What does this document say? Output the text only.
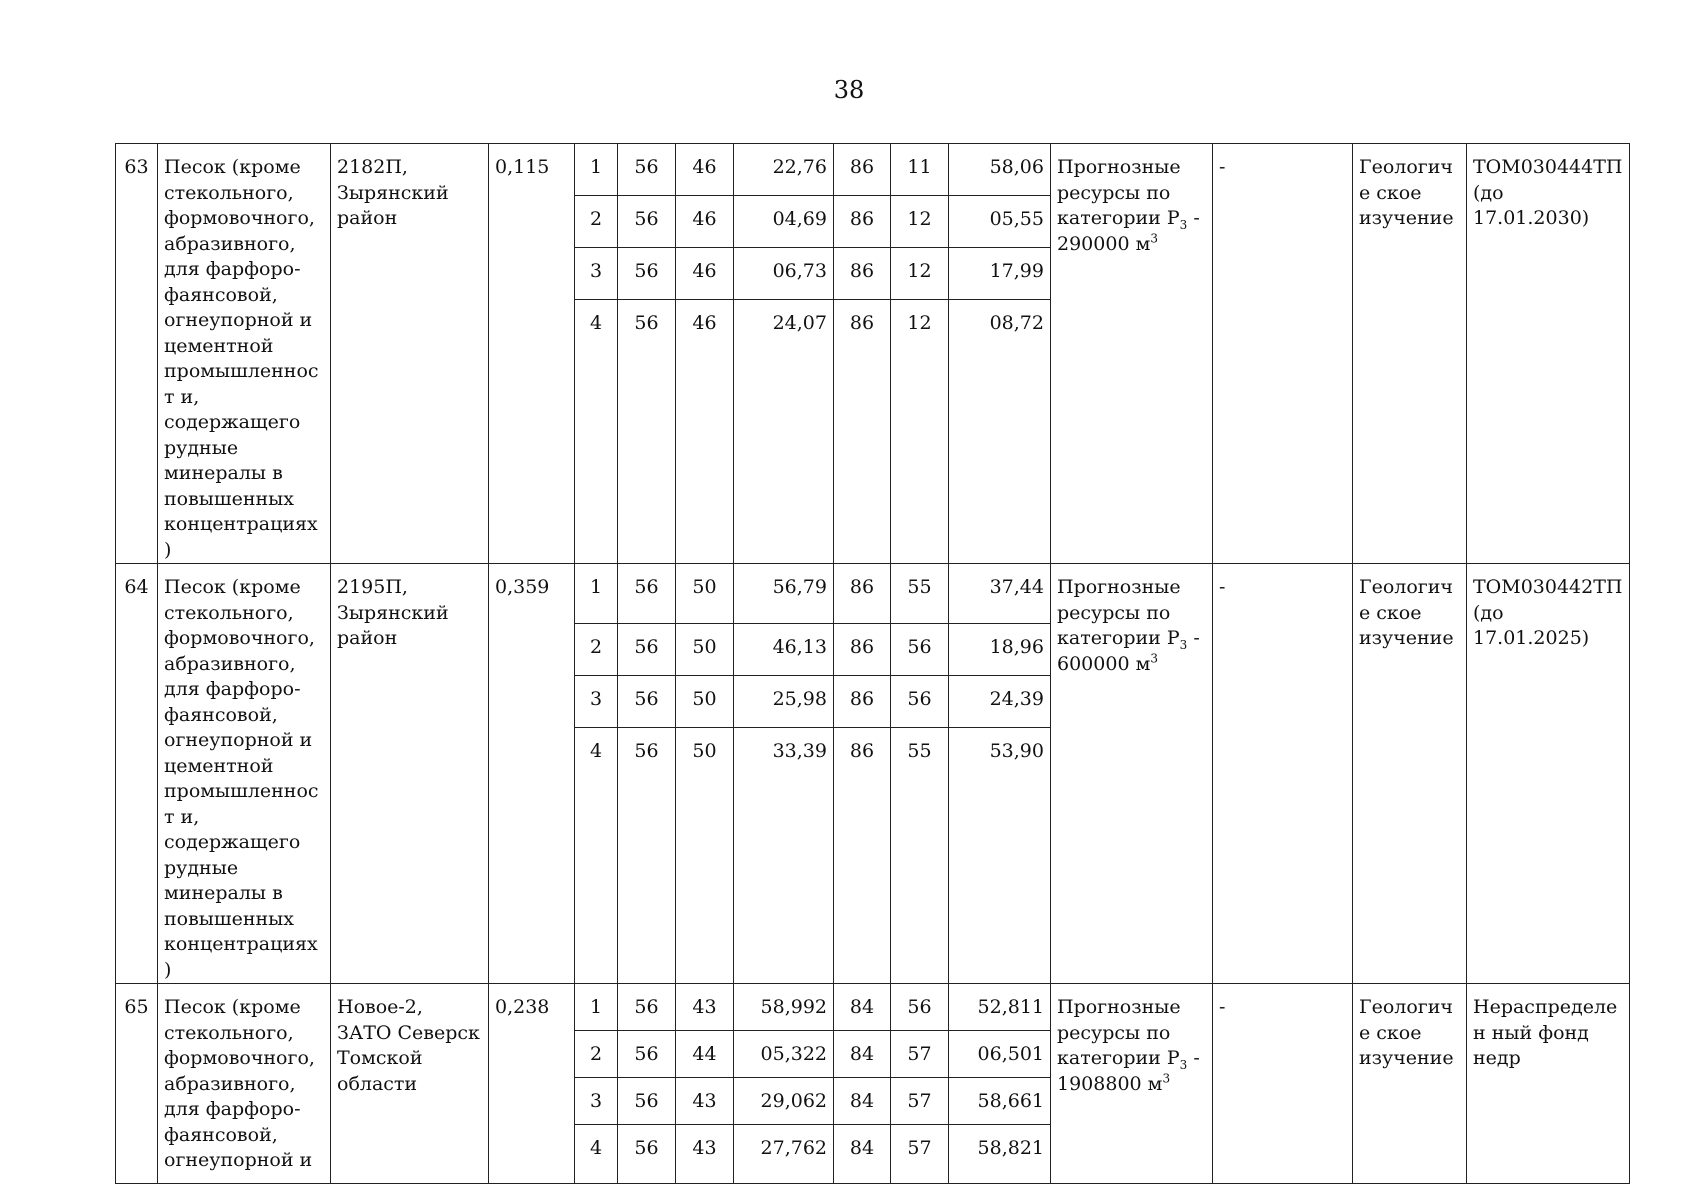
38
63	Песок (кроме стекольного, формовочного, абразивного, для фарфоро-фаянсовой, огнеупорной и цементной промышленност и, содержащего рудные минералы в повышенных концентрациях)	2182П, Зырянский район	0,115	1	56	46	22,76	86	11	58,06	Прогнозные ресурсы по категории $Р_3 - 290000$ $м^3$	-	Геологиче ское изучение	ТОМ030444ТП (до 17.01.2030)
				2	56	46	04,69	86	12	05,55				
				3	56	46	06,73	86	12	17,99				
				4	56	46	24,07	86	12	08,72				
64	Песок (кроме стекольного, формовочного, абразивного, для фарфоро-фаянсовой, огнеупорной и цементной промышленност и, содержащего рудные минералы в повышенных концентрациях)	2195П, Зырянский район	0,359	1	56	50	56,79	86	55	37,44	Прогнозные ресурсы по категории $Р_3 - 600000$ $м^3$	-	Геологиче ское изучение	ТОМ030442ТП (до 17.01.2025)
				2	56	50	46,13	86	56	18,96				
				3	56	50	25,98	86	56	24,39				
				4	56	50	33,39	86	55	53,90				
65	Песок (кроме стекольного, формовочного, абразивного, для фарфоро-фаянсовой, огнеупорной и	Новое-2, ЗАТО Северск Томской области	0,238	1	56	43	58,992	84	56	52,811	Прогнозные ресурсы по категории $Р_3 - 1908800$ $м^3$	-	Геологиче ское изучение	Нераспределен ный фонд недр
				2	56	44	05,322	84	57	06,501				
				3	56	43	29,062	84	57	58,661				
				4	56	43	27,762	84	57	58,821				
